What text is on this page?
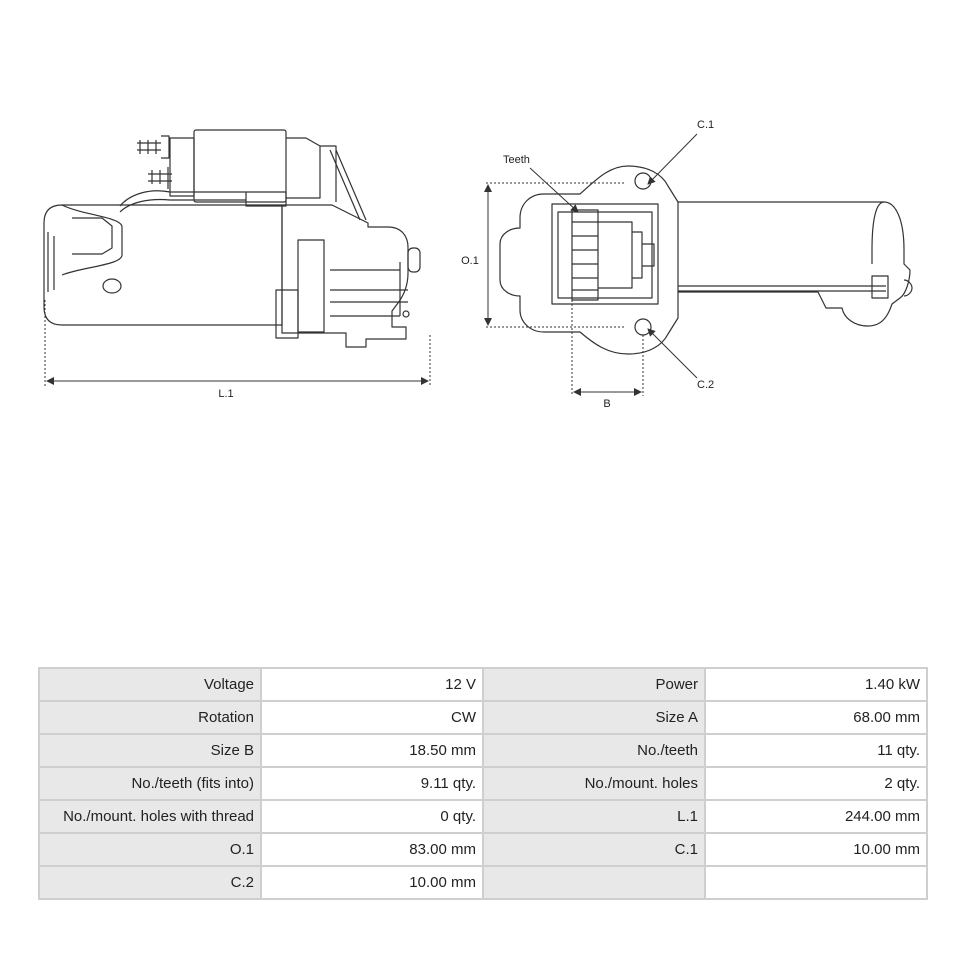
L.1
O.1
B
Teeth
C.1
C.2
Voltage	12 V	Power	1.40 kW
Rotation	CW	Size A	68.00 mm
Size B	18.50 mm	No./teeth	11 qty.
No./teeth (fits into)	9.11 qty.	No./mount. holes	2 qty.
No./mount. holes with thread	0 qty.	L.1	244.00 mm
O.1	83.00 mm	C.1	10.00 mm
C.2	10.00 mm		
